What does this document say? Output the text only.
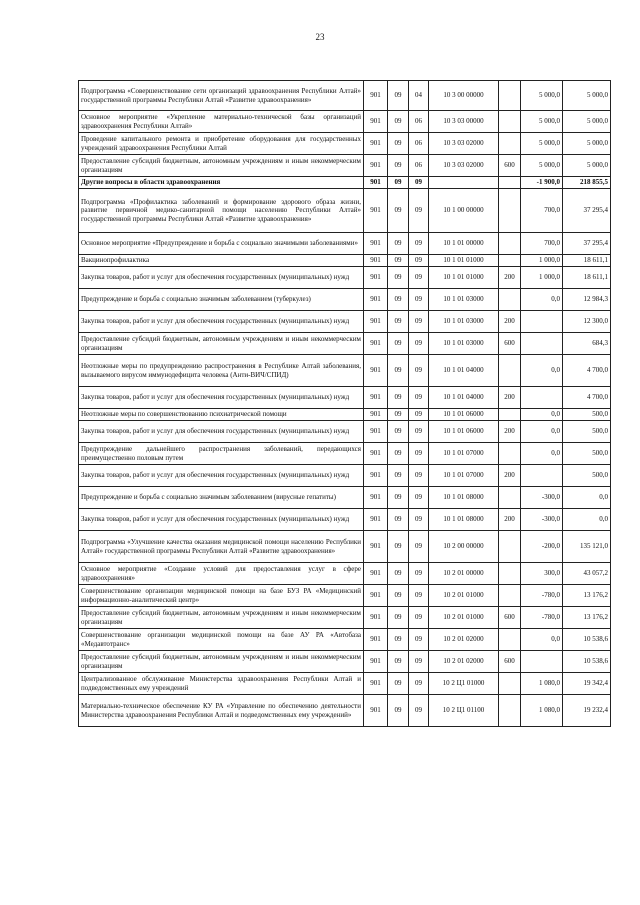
23
Подпрограмма «Совершенствование сети организаций здравоохранения Республики Алтай» государственной программы Республики Алтай «Развитие здравоохранения»	901	09	04	10 3 00 00000		5 000,0	5 000,0
Основное мероприятие «Укрепление материально-технической базы организаций здравоохранения Республики Алтай»	901	09	06	10 3 03 00000		5 000,0	5 000,0
Проведение капитального ремонта и приобретение оборудования для государственных учреждений здравоохранения Республики Алтай	901	09	06	10 3 03 02000		5 000,0	5 000,0
Предоставление субсидий бюджетным, автономным учреждениям и иным некоммерческим организациям	901	09	06	10 3 03 02000	600	5 000,0	5 000,0
Другие вопросы в области здравоохранения	901	09	09			-1 900,0	218 855,5
Подпрограмма «Профилактика заболеваний и формирование здорового образа жизни, развитие первичной медико-санитарной помощи населению Республики Алтай» государственной программы Республики Алтай «Развитие здравоохранения»	901	09	09	10 1 00 00000		700,0	37 295,4
Основное мероприятие «Предупреждение и борьба с социально значимыми заболеваниями»	901	09	09	10 1 01 00000		700,0	37 295,4
Вакцинопрофилактика	901	09	09	10 1 01 01000		1 000,0	18 611,1
Закупка товаров, работ и услуг для обеспечения государственных (муниципальных) нужд	901	09	09	10 1 01 01000	200	1 000,0	18 611,1
Предупреждение и борьба с социально значимым заболеванием (туберкулез)	901	09	09	10 1 01 03000		0,0	12 984,3
Закупка товаров, работ и услуг для обеспечения государственных (муниципальных) нужд	901	09	09	10 1 01 03000	200		12 300,0
Предоставление субсидий бюджетным, автономным учреждениям и иным некоммерческим организациям	901	09	09	10 1 01 03000	600		684,3
Неотложные меры по предупреждению распространения в Республике Алтай заболевания, вызываемого вирусом иммунодефицита человека (Анти-ВИЧ/СПИД)	901	09	09	10 1 01 04000		0,0	4 700,0
Закупка товаров, работ и услуг для обеспечения государственных (муниципальных) нужд	901	09	09	10 1 01 04000	200		4 700,0
Неотложные меры по совершенствованию психиатрической помощи	901	09	09	10 1 01 06000		0,0	500,0
Закупка товаров, работ и услуг для обеспечения государственных (муниципальных) нужд	901	09	09	10 1 01 06000	200	0,0	500,0
Предупреждение дальнейшего распространения заболеваний, передающихся преимущественно половым путем	901	09	09	10 1 01 07000		0,0	500,0
Закупка товаров, работ и услуг для обеспечения государственных (муниципальных) нужд	901	09	09	10 1 01 07000	200		500,0
Предупреждение и борьба с социально значимым заболеванием (вирусные гепатиты)	901	09	09	10 1 01 08000		-300,0	0,0
Закупка товаров, работ и услуг для обеспечения государственных (муниципальных) нужд	901	09	09	10 1 01 08000	200	-300,0	0,0
Подпрограмма «Улучшение качества оказания медицинской помощи населению Республики Алтай» государственной программы Республики Алтай «Развитие здравоохранения»	901	09	09	10 2 00 00000		-200,0	135 121,0
Основное мероприятие «Создание условий для предоставления услуг в сфере здравоохранения»	901	09	09	10 2 01 00000		300,0	43 057,2
Совершенствование организации медицинской помощи на базе БУЗ РА «Медицинский информационно-аналитический центр»	901	09	09	10 2 01 01000		-780,0	13 176,2
Предоставление субсидий бюджетным, автономным учреждениям и иным некоммерческим организациям	901	09	09	10 2 01 01000	600	-780,0	13 176,2
Совершенствование организации медицинской помощи на базе АУ РА «Автобаза «Медавтотранс»	901	09	09	10 2 01 02000		0,0	10 538,6
Предоставление субсидий бюджетным, автономным учреждениям и иным некоммерческим организациям	901	09	09	10 2 01 02000	600		10 538,6
Централизованное обслуживание Министерства здравоохранения Республики Алтай и подведомственных ему учреждений	901	09	09	10 2 Ц1 01000		1 080,0	19 342,4
Материально-техническое обеспечение КУ РА «Управление по обеспечению деятельности Министерства здравоохранения Республики Алтай и подведомственных ему учреждений»	901	09	09	10 2 Ц1 01100		1 080,0	19 232,4
